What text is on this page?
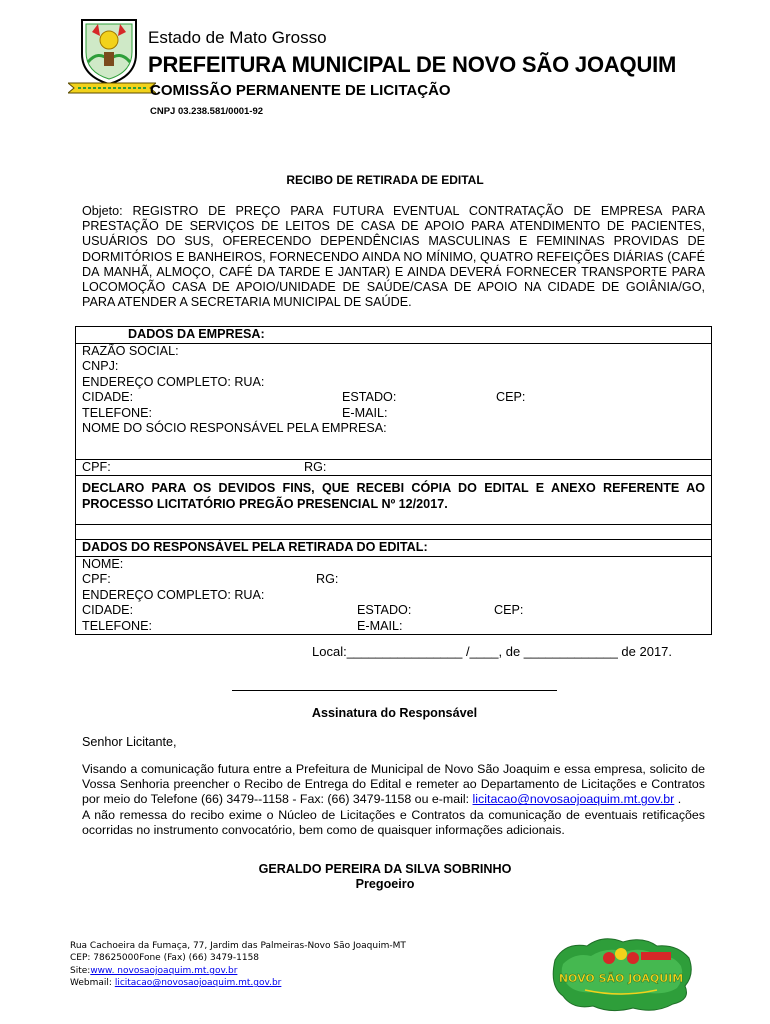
Estado de Mato Grosso
PREFEITURA MUNICIPAL DE NOVO SÃO JOAQUIM
COMISSÃO PERMANENTE DE LICITAÇÃO
CNPJ 03.238.581/0001-92
RECIBO DE RETIRADA DE EDITAL
Objeto: REGISTRO DE PREÇO PARA FUTURA EVENTUAL CONTRATAÇÃO DE EMPRESA PARA PRESTAÇÃO DE SERVIÇOS DE LEITOS DE CASA DE APOIO PARA ATENDIMENTO DE PACIENTES, USUÁRIOS DO SUS, OFERECENDO DEPENDÊNCIAS MASCULINAS E FEMININAS PROVIDAS DE DORMITÓRIOS E BANHEIROS, FORNECENDO AINDA NO MÍNIMO, QUATRO REFEIÇÕES DIÁRIAS (CAFÉ DA MANHÃ, ALMOÇO, CAFÉ DA TARDE E JANTAR) E AINDA DEVERÁ FORNECER TRANSPORTE PARA LOCOMOÇÃO CASA DE APOIO/UNIDADE DE SAÚDE/CASA DE APOIO NA CIDADE DE GOIÂNIA/GO, PARA ATENDER A SECRETARIA MUNICIPAL DE SAÚDE.
DADOS DA EMPRESA:
RAZÃO SOCIAL:
CNPJ:
ENDEREÇO COMPLETO: RUA:
CIDADE:	ESTADO:	CEP:
TELEFONE:	E-MAIL:
NOME DO SÓCIO RESPONSÁVEL PELA EMPRESA:
CPF:	RG:
DECLARO PARA OS DEVIDOS FINS, QUE RECEBI CÓPIA DO EDITAL E ANEXO REFERENTE AO PROCESSO LICITATÓRIO PREGÃO PRESENCIAL Nº 12/2017.
DADOS DO RESPONSÁVEL PELA RETIRADA DO EDITAL:
NOME:
CPF:	RG:
ENDEREÇO COMPLETO: RUA:
CIDADE:	ESTADO:	CEP:
TELEFONE:	E-MAIL:
Local:________________ /____, de _____________ de 2017.
Assinatura do Responsável
Senhor Licitante,
Visando a comunicação futura entre a Prefeitura de Municipal de Novo São Joaquim e essa empresa, solicito de Vossa Senhoria preencher o Recibo de Entrega do Edital e remeter ao Departamento de Licitações e Contratos por meio do Telefone (66) 3479--1158 - Fax: (66) 3479-1158 ou e-mail: licitacao@novosaojoaquim.mt.gov.br .
A não remessa do recibo exime o Núcleo de Licitações e Contratos da comunicação de eventuais retificações ocorridas no instrumento convocatório, bem como de quaisquer informações adicionais.
GERALDO PEREIRA DA SILVA SOBRINHO
Pregoeiro
Rua Cachoeira da Fumaça, 77, Jardim das Palmeiras-Novo São Joaquim-MT
CEP: 78625000Fone (Fax) (66) 3479-1158
Site:www. novosaojoaquim.mt.gov.br
Webmail: licitacao@novosaojoaquim.mt.gov.br	NOVO SÃO JOAQUIM
